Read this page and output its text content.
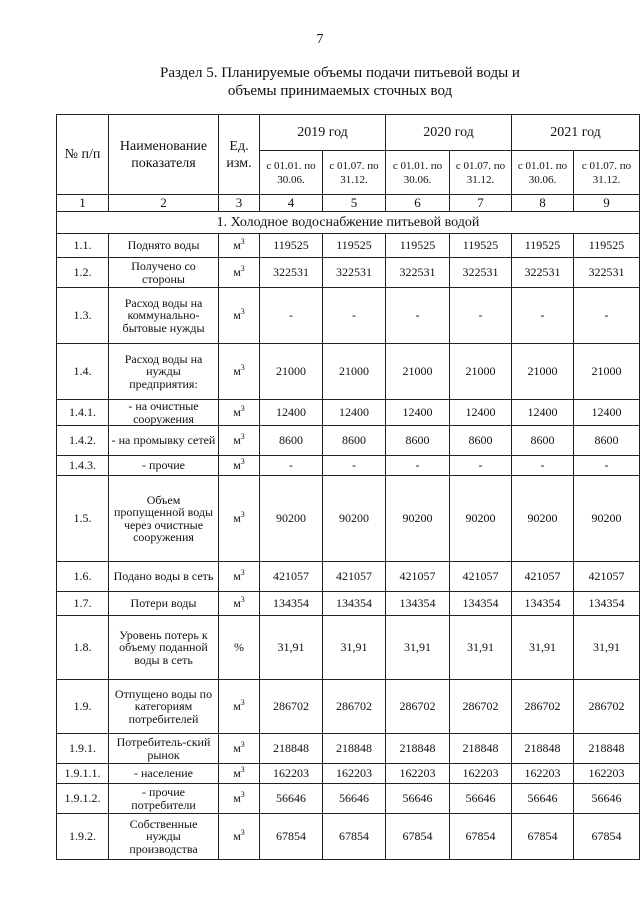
7
Раздел 5. Планируемые объемы подачи питьевой воды и
объемы принимаемых сточных вод
№ п/п	Наименование показателя	Ед. изм.	2019 год		2020 год		2021 год	
			с 01.01. по 30.06.	с 01.07. по 31.12.	с 01.01. по 30.06.	с 01.07. по 31.12.	с 01.01. по 30.06.	с 01.07. по 31.12.
1	2	3	4	5	6	7	8	9
1. Холодное водоснабжение питьевой водой								
1.1.	Поднято воды	$м^3$	119525	119525	119525	119525	119525	119525
1.2.	Получено со стороны	$м^3$	322531	322531	322531	322531	322531	322531
1.3.	Расход воды на коммунально-бытовые нужды	$м^3$	-	-	-	-	-	-
1.4.	Расход воды на нужды предприятия:	$м^3$	21000	21000	21000	21000	21000	21000
1.4.1.	- на очистные сооружения	$м^3$	12400	12400	12400	12400	12400	12400
1.4.2.	- на промывку сетей	$м^3$	8600	8600	8600	8600	8600	8600
1.4.3.	- прочие	$м^3$	-	-	-	-	-	-
1.5.	Объем пропущенной воды через очистные сооружения	$м^3$	90200	90200	90200	90200	90200	90200
1.6.	Подано воды в сеть	$м^3$	421057	421057	421057	421057	421057	421057
1.7.	Потери воды	$м^3$	134354	134354	134354	134354	134354	134354
1.8.	Уровень потерь к объему поданной воды в сеть	%	31,91	31,91	31,91	31,91	31,91	31,91
1.9.	Отпущено воды по категориям потребителей	$м^3$	286702	286702	286702	286702	286702	286702
1.9.1.	Потребитель-ский рынок	$м^3$	218848	218848	218848	218848	218848	218848
1.9.1.1.	- население	$м^3$	162203	162203	162203	162203	162203	162203
1.9.1.2.	- прочие потребители	$м^3$	56646	56646	56646	56646	56646	56646
1.9.2.	Собственные нужды производства	$м^3$	67854	67854	67854	67854	67854	67854
